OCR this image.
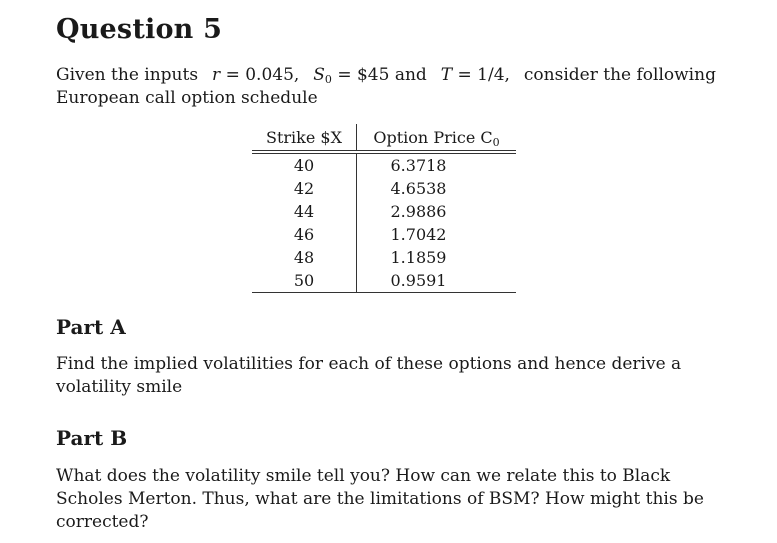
Question 5
Given the inputs r = 0.045, $S_0$ = $45 and T = 1/4, consider the following
European call option schedule
Strike $X	Option Price $C_0$
40	6.3718
42	4.6538
44	2.9886
46	1.7042
48	1.1859
50	0.9591
Part A
Find the implied volatilities for each of these options and hence derive a volatility smile
Part B
What does the volatility smile tell you? How can we relate this to Black Scholes Merton. Thus, what are the limitations of BSM? How might this be corrected?
